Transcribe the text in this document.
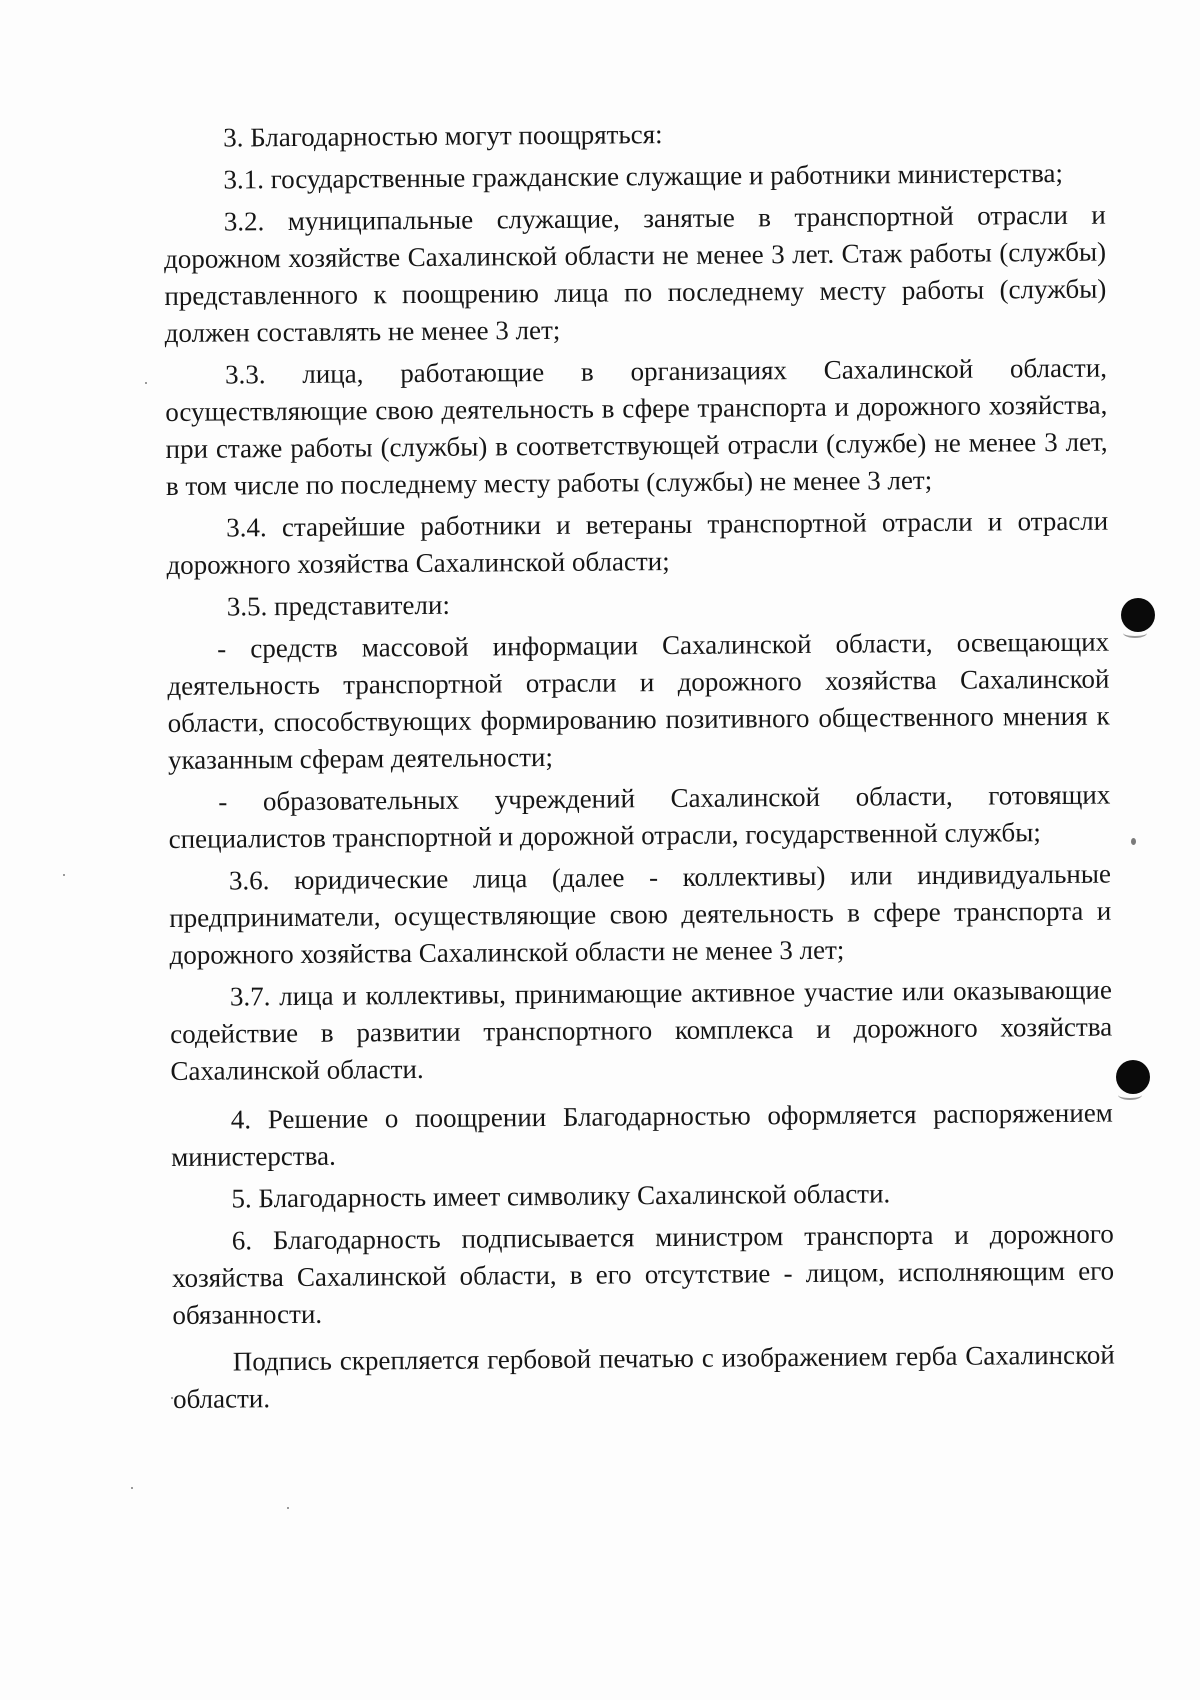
3. Благодарностью могут поощряться:

3.1. государственные гражданские служащие и работники министерства;

3.2. муниципальные служащие, занятые в транспортной отрасли и дорожном хозяйстве Сахалинской области не менее 3 лет. Стаж работы (службы) представленного к поощрению лица по последнему месту работы (службы) должен составлять не менее 3 лет;

3.3. лица, работающие в организациях Сахалинской области, осуществляющие свою деятельность в сфере транспорта и дорожного хозяйства, при стаже работы (службы) в соответствующей отрасли (службе) не менее 3 лет, в том числе по последнему месту работы (службы) не менее 3 лет;

3.4. старейшие работники и ветераны транспортной отрасли и отрасли дорожного хозяйства Сахалинской области;

3.5. представители:

- средств массовой информации Сахалинской области, освещающих деятельность транспортной отрасли и дорожного хозяйства Сахалинской области, способствующих формированию позитивного общественного мнения к указанным сферам деятельности;

- образовательных учреждений Сахалинской области, готовящих специалистов транспортной и дорожной отрасли, государственной службы;

3.6. юридические лица (далее - коллективы) или индивидуальные предприниматели, осуществляющие свою деятельность в сфере транспорта и дорожного хозяйства Сахалинской области не менее 3 лет;

3.7. лица и коллективы, принимающие активное участие или оказывающие содействие в развитии транспортного комплекса и дорожного хозяйства Сахалинской области.

4. Решение о поощрении Благодарностью оформляется распоряжением министерства.

5. Благодарность имеет символику Сахалинской области.

6. Благодарность подписывается министром транспорта и дорожного хозяйства Сахалинской области, в его отсутствие - лицом, исполняющим его обязанности.

Подпись скрепляется гербовой печатью с изображением герба Сахалинской области.
